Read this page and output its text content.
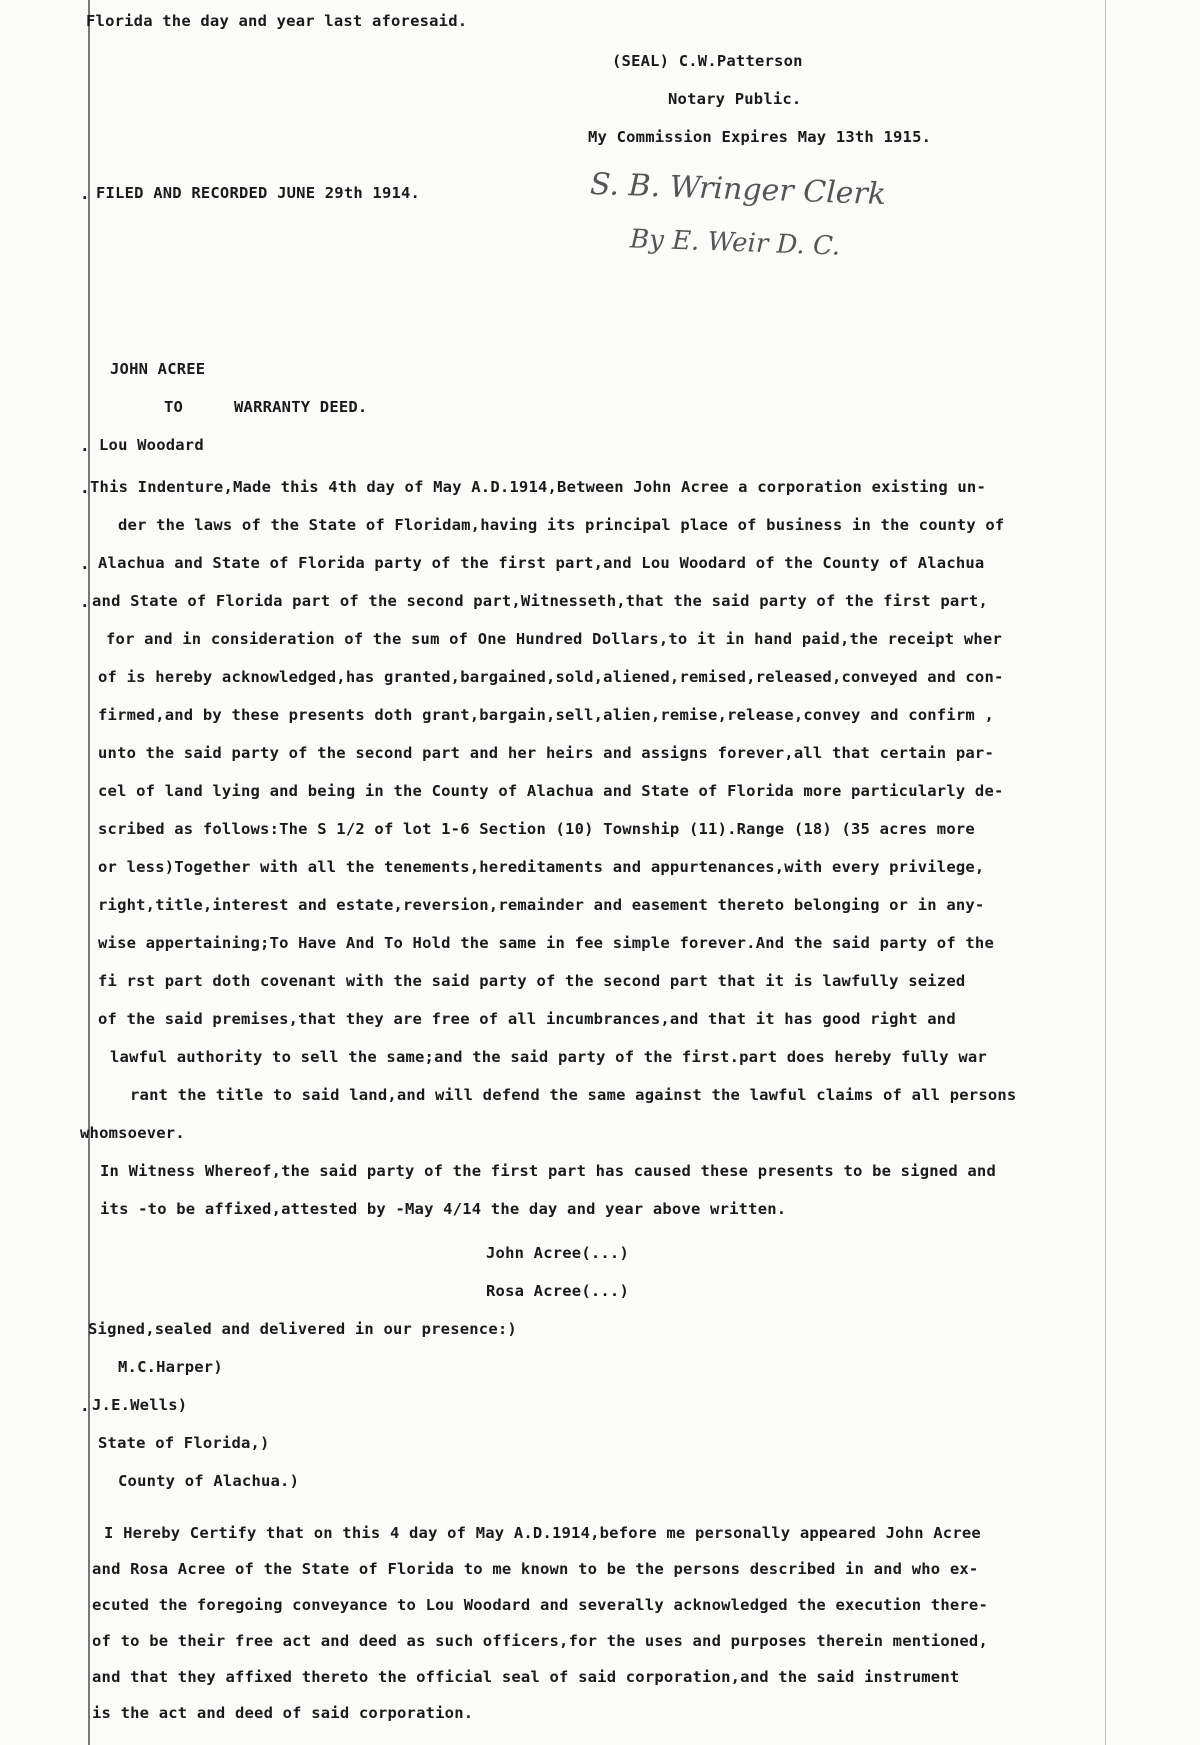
Florida the day and year last aforesaid.
(SEAL) C.W.Patterson
Notary Public.
My Commission Expires May 13th 1915.
. FILED AND RECORDED JUNE 29th 1914.	S. B. Wringer Clerk
By E. Weir D. C.
JOHN ACREE
TO	WARRANTY DEED.
. Lou Woodard
.
.
.
This Indenture,Made this 4th day of May A.D.1914,Between John Acree a corporation existing un-
der the laws of the State of Floridam,having its principal place of business in the county of
Alachua and State of Florida party of the first part,and Lou Woodard of the County of Alachua
and State of Florida part of the second part,Witnesseth,that the said party of the first part,
for and in consideration of the sum of One Hundred Dollars,to it in hand paid,the receipt wher
of is hereby acknowledged,has granted,bargained,sold,aliened,remised,released,conveyed and con-
firmed,and by these presents doth grant,bargain,sell,alien,remise,release,convey and confirm ,
unto the said party of the second part and her heirs and assigns forever,all that certain par-
cel of land lying and being in the County of Alachua and State of Florida more particularly de-
scribed as follows:The S 1/2 of lot 1-6 Section (10) Township (11).Range (18) (35 acres more
or less)Together with all the tenements,hereditaments and appurtenances,with every privilege,
right,title,interest and estate,reversion,remainder and easement thereto belonging or in any-
wise appertaining;To Have And To Hold the same in fee simple forever.And the said party of the
fi rst part doth covenant with the said party of the second part that it is lawfully seized
of the said premises,that they are free of all incumbrances,and that it has good right and
lawful authority to sell the same;and the said party of the first.part does hereby fully war
rant the title to said land,and will defend the same against the lawful claims of all persons
whomsoever.
In Witness Whereof,the said party of the first part has caused these presents to be signed and
its -to be affixed,attested by -May 4/14 the day and year above written.
John Acree(...)
Rosa Acree(...)
Signed,sealed and delivered in our presence:)
M.C.Harper)
. J.E.Wells)
State of Florida,)
County of Alachua.)
I Hereby Certify that on this 4 day of May A.D.1914,before me personally appeared John Acree
and Rosa Acree of the State of Florida to me known to be the persons described in and who ex-
ecuted the foregoing conveyance to Lou Woodard and severally acknowledged the execution there-
of to be their free act and deed as such officers,for the uses and purposes therein mentioned,
and that they affixed thereto the official seal of said corporation,and the said instrument
is the act and deed of said corporation.
